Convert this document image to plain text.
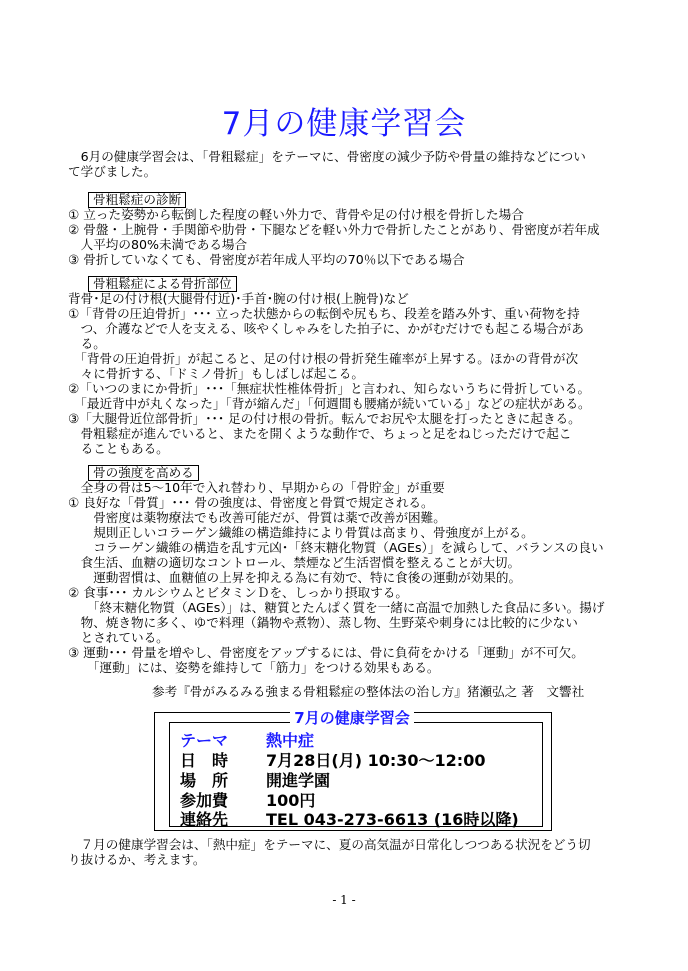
7月の健康学習会
　6月の健康学習会は、「骨粗鬆症」をテーマに、骨密度の減少予防や骨量の維持などについ
て学びました。
骨粗鬆症の診断
① 立った姿勢から転倒した程度の軽い外力で、背骨や足の付け根を骨折した場合
② 骨盤・上腕骨・手関節や肋骨・下腿などを軽い外力で骨折したことがあり、骨密度が若年成
　人平均の80%未満である場合
③ 骨折していなくても、骨密度が若年成人平均の70％以下である場合
骨粗鬆症による骨折部位
背骨･足の付け根(大腿骨付近)･手首･腕の付け根(上腕骨)など
①「背骨の圧迫骨折」･･･ 立った状態からの転倒や尻もち、段差を踏み外す、重い荷物を持
　つ、介護などで人を支える、咳やくしゃみをした拍子に、かがむだけでも起こる場合があ
　る。
　「背骨の圧迫骨折」が起こると、足の付け根の骨折発生確率が上昇する。ほかの背骨が次
　々に骨折する、「ドミノ骨折」もしばしば起こる。
②「いつのまにか骨折」･･･「無症状性椎体骨折」と言われ、知らないうちに骨折している。
　「最近背中が丸くなった」「背が縮んだ」「何週間も腰痛が続いている」などの症状がある。
③「大腿骨近位部骨折」･･･ 足の付け根の骨折。転んでお尻や太腿を打ったときに起きる。
　骨粗鬆症が進んでいると、またを開くような動作で、ちょっと足をねじっただけで起こ
　ることもある。
骨の強度を高める
　全身の骨は5～10年で入れ替わり、早期からの「骨貯金」が重要
① 良好な「骨質」･･･ 骨の強度は、骨密度と骨質で規定される。
　　骨密度は薬物療法でも改善可能だが、骨質は薬で改善が困難。
　　規則正しいコラーゲン繊維の構造維持により骨質は高まり、骨強度が上がる。
　　コラーゲン繊維の構造を乱す元凶･「終末糖化物質（AGEs）」を減らして、バランスの良い
　食生活、血糖の適切なコントロール、禁煙など生活習慣を整えることが大切。
　　運動習慣は、血糖値の上昇を抑える為に有効で、特に食後の運動が効果的。
② 食事･･･ カルシウムとビタミンＤを、しっかり摂取する。
　　「終末糖化物質（AGEs）」は、糖質とたんぱく質を一緒に高温で加熱した食品に多い。揚げ
　物、焼き物に多く、ゆで料理（鍋物や煮物）、蒸し物、生野菜や刺身には比較的に少ない
　とされている。
③ 運動･･･ 骨量を増やし、骨密度をアップするには、骨に負荷をかける「運動」が不可欠。
　　「運動」には、姿勢を維持して「筋力」をつける効果もある。
参考『骨がみるみる強まる骨粗鬆症の整体法の治し方』猪瀬弘之 著　文響社
7月の健康学習会
テーマ 熱中症
日　時 7月28日(月) 10:30～12:00
場　所 開進学園
参加費 100円
連絡先 TEL 043-273-6613 (16時以降)
　７月の健康学習会は、「熱中症」をテーマに、夏の高気温が日常化しつつある状況をどう切
り抜けるか、考えます。
- 1 -
